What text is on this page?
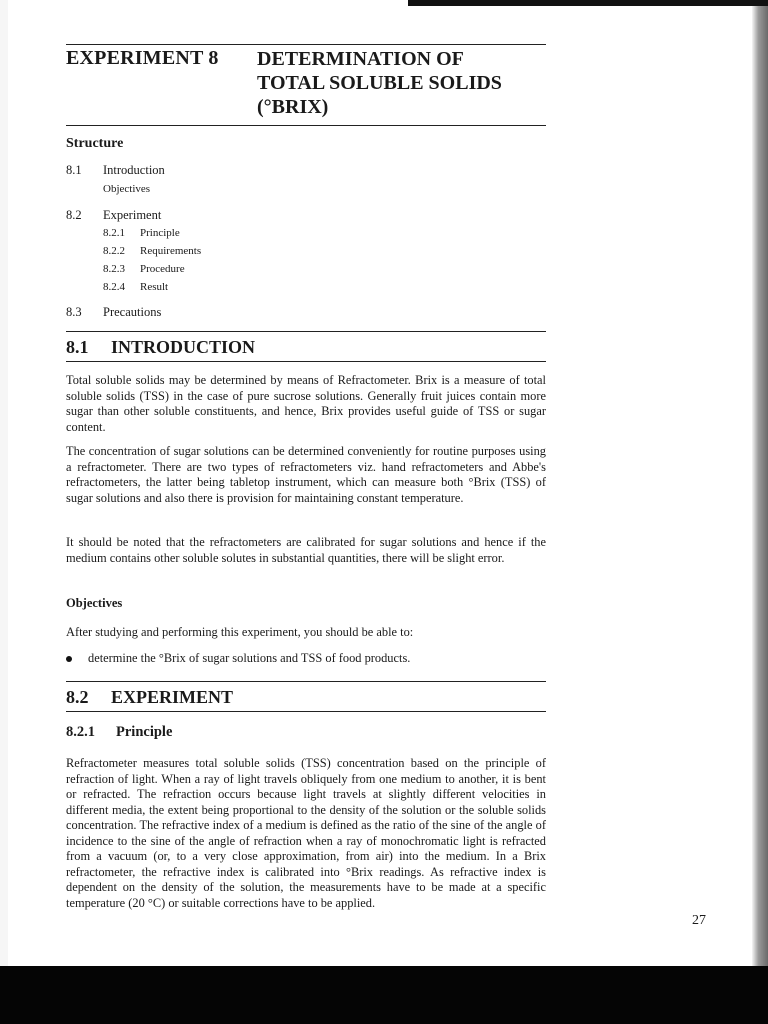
EXPERIMENT 8 DETERMINATION OF
TOTAL SOLUBLE SOLIDS
(°BRIX)
Structure
8.1 Introduction
Objectives
8.2 Experiment
8.2.1 Principle
8.2.2 Requirements
8.2.3 Procedure
8.2.4 Result
8.3 Precautions
8.1 INTRODUCTION

Total soluble solids may be determined by means of Refractometer. Brix is a measure of total soluble solids (TSS) in the case of pure sucrose solutions. Generally fruit juices contain more sugar than other soluble constituents, and hence, Brix provides useful guide of TSS or sugar content.

The concentration of sugar solutions can be determined conveniently for routine purposes using a refractometer. There are two types of refractometers viz. hand refractometers and Abbe's refractometers, the latter being tabletop instrument, which can measure both °Brix (TSS) of sugar solutions and also there is provision for maintaining constant temperature.

It should be noted that the refractometers are calibrated for sugar solutions and hence if the medium contains other soluble solutes in substantial quantities, there will be slight error.

Objectives

After studying and performing this experiment, you should be able to:

determine the °Brix of sugar solutions and TSS of food products.
8.2 EXPERIMENT
8.2.1 Principle

Refractometer measures total soluble solids (TSS) concentration based on the principle of refraction of light. When a ray of light travels obliquely from one medium to another, it is bent or refracted. The refraction occurs because light travels at slightly different velocities in different media, the extent being proportional to the density of the solution or the soluble solids concentration. The refractive index of a medium is defined as the ratio of the sine of the angle of incidence to the sine of the angle of refraction when a ray of monochromatic light is refracted from a vacuum (or, to a very close approximation, from air) into the medium. In a Brix refractometer, the refractive index is calibrated into °Brix readings. As refractive index is dependent on the density of the solution, the measurements have to be made at a specific temperature (20 °C) or suitable corrections have to be applied.

27
